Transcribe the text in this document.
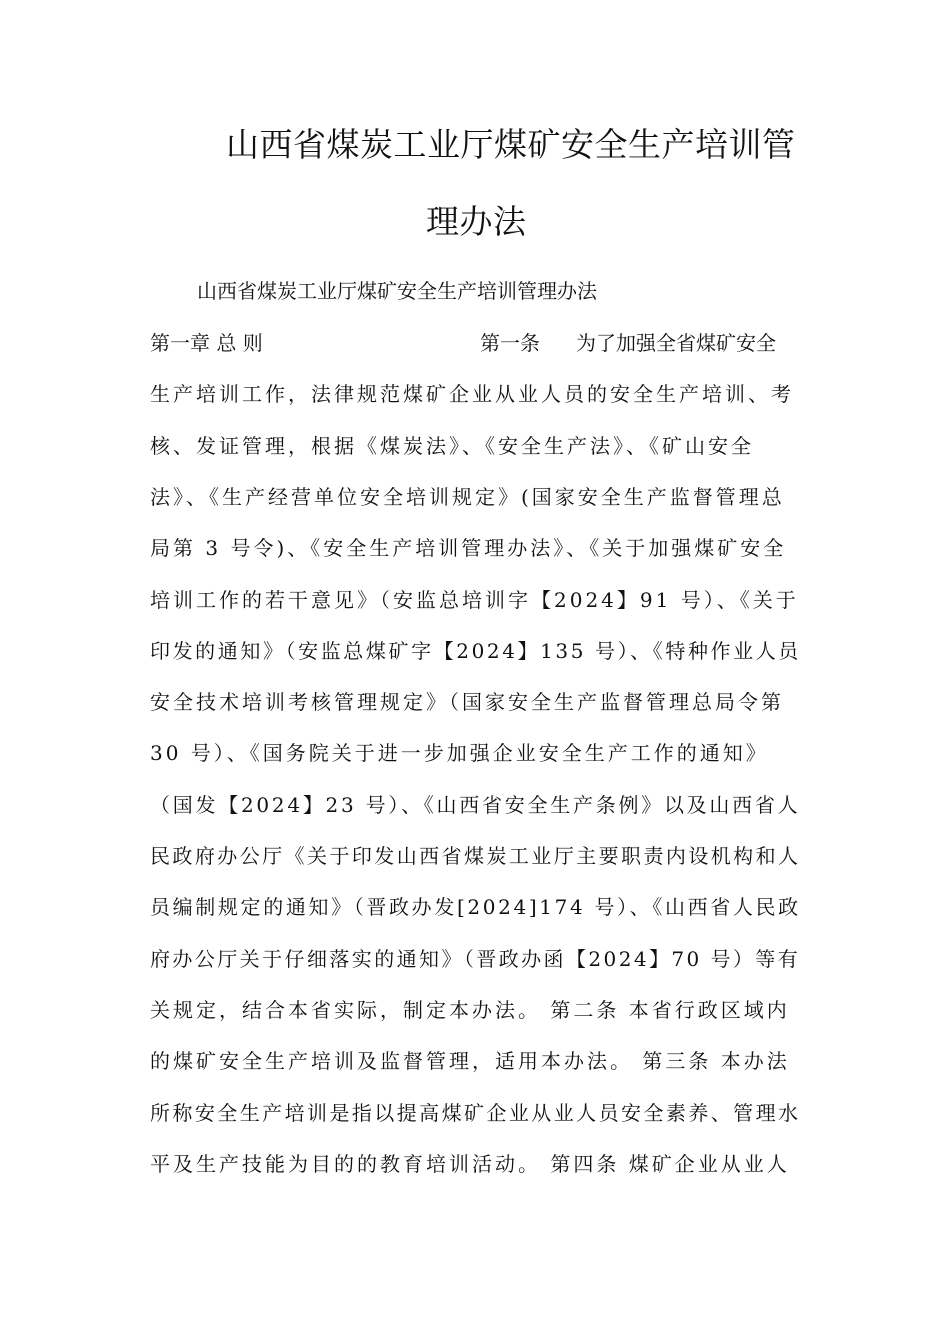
山西省煤炭工业厅煤矿安全生产培训管
理办法
山西省煤炭工业厅煤矿安全生产培训管理办法
第一章 总 则	第一条 为了加强全省煤矿安全
生产培训工作，法律规范煤矿企业从业人员的安全生产培训、考
核、发证管理，根据《煤炭法》、《安全生产法》、《矿山安全
法》、《生产经营单位安全培训规定》(国家安全生产监督管理总
局第 3 号令)、《安全生产培训管理办法》、《关于加强煤矿安全
培训工作的若干意见》（安监总培训字【2024】91 号）、《关于
印发的通知》（安监总煤矿字【2024】135 号）、《特种作业人员
安全技术培训考核管理规定》（国家安全生产监督管理总局令第
30 号）、《国务院关于进一步加强企业安全生产工作的通知》
（国发【2024】23 号）、《山西省安全生产条例》以及山西省人
民政府办公厅《关于印发山西省煤炭工业厅主要职责内设机构和人
员编制规定的通知》（晋政办发[2024]174 号）、《山西省人民政
府办公厅关于仔细落实的通知》（晋政办函【2024】70 号）等有
关规定，结合本省实际，制定本办法。 第二条 本省行政区域内
的煤矿安全生产培训及监督管理，适用本办法。 第三条 本办法
所称安全生产培训是指以提高煤矿企业从业人员安全素养、管理水
平及生产技能为目的的教育培训活动。 第四条 煤矿企业从业人
